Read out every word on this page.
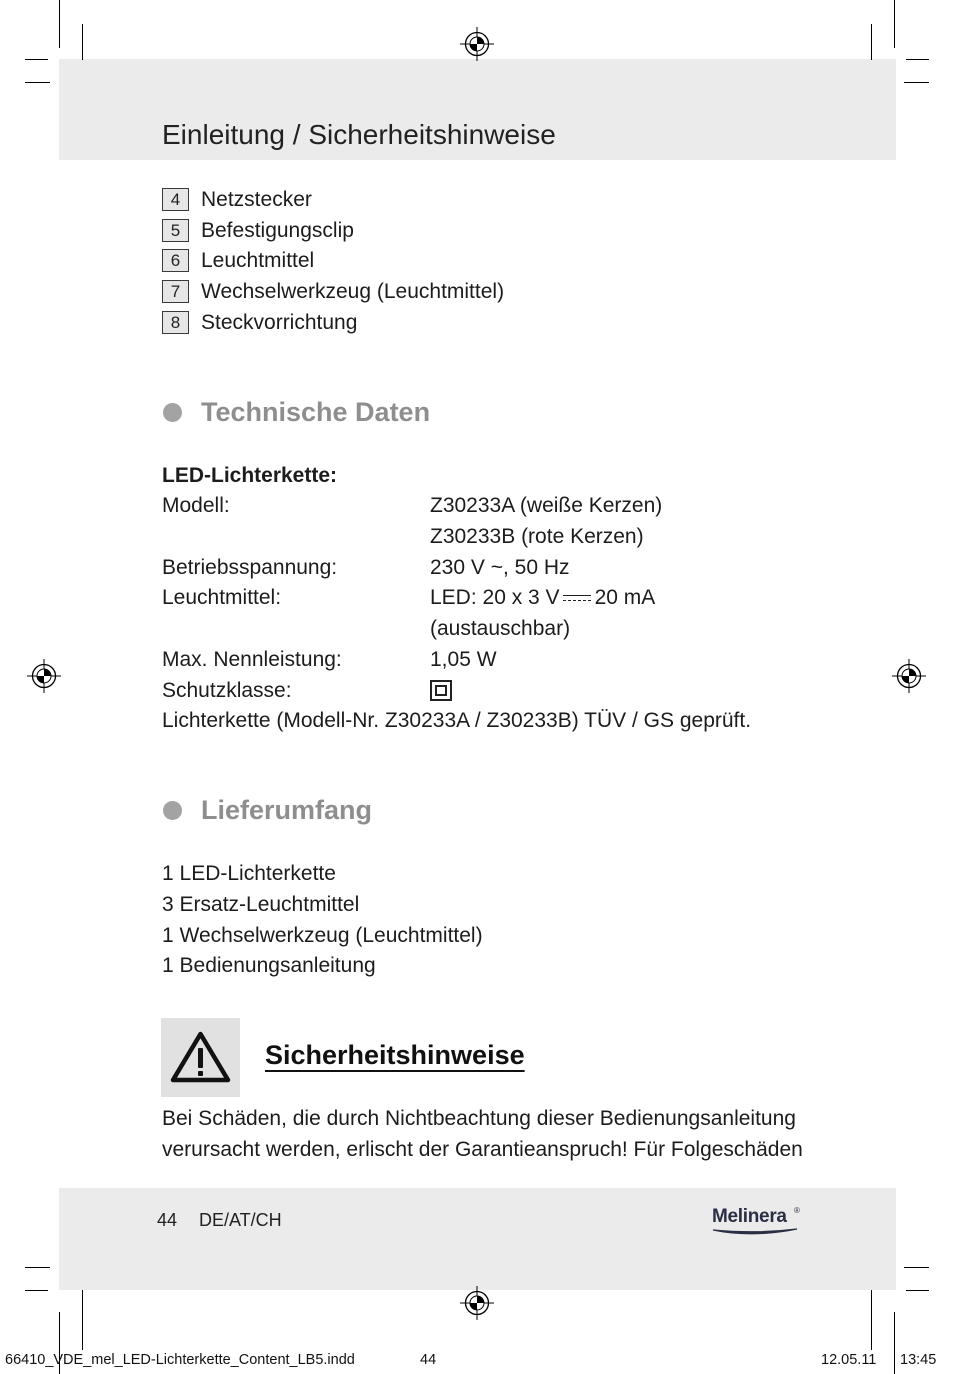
Einleitung / Sicherheitshinweise
4 Netzstecker
5 Befestigungsclip
6 Leuchtmittel
7 Wechselwerkzeug (Leuchtmittel)
8 Steckvorrichtung
Technische Daten
LED-Lichterkette:
Modell:	Z30233A (weiße Kerzen)
Z30233B (rote Kerzen)
Betriebsspannung:	230 V ~, 50 Hz
Leuchtmittel:	LED: 20 x 3 V 20 mA
(austauschbar)
Max. Nennleistung:	1,05 W
Schutzklasse:
Lichterkette (Modell-Nr. Z30233A / Z30233B) TÜV / GS geprüft.
Lieferumfang
1 LED-Lichterkette
3 Ersatz-Leuchtmittel
1 Wechselwerkzeug (Leuchtmittel)
1 Bedienungsanleitung
Sicherheitshinweise
Bei Schäden, die durch Nichtbeachtung dieser Bedienungsanleitung
verursacht werden, erlischt der Garantieanspruch! Für Folgeschäden
44 DE/AT/CH	Melinera ®
66410_VDE_mel_LED-Lichterkette_Content_LB5.indd	44	12.05.11 13:45
